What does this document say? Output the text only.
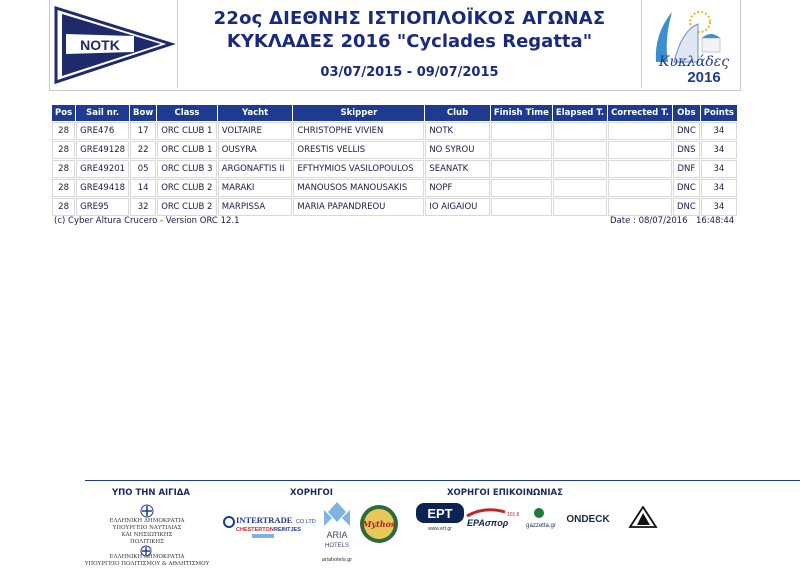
NOTK
22ος ΔΙΕΘΝΗΣ ΙΣΤΙΟΠΛΟΪΚΟΣ ΑΓΩΝΑΣ
ΚΥΚΛΑΔΕΣ 2016 "Cyclades Regatta"
03/07/2015 - 09/07/2015
Κυκλάδες
2016
Pos	Sail nr.	Bow	Class	Yacht	Skipper	Club	Finish Time	Elapsed T.	Corrected T.	Obs	Points
28	GRE476	17	ORC CLUB 1	VOLTAIRE	CHRISTOPHE VIVIEN	NOTK				DNC	34
28	GRE49128	22	ORC CLUB 1	OUSYRA	ORESTIS VELLIS	NO SYROU				DNS	34
28	GRE49201	05	ORC CLUB 3	ARGONAFTIS II	EFTHYMIOS VASILOPOULOS	SEANATK				DNF	34
28	GRE49418	14	ORC CLUB 2	MARAKI	MANOUSOS MANOUSAKIS	NOPF				DNC	34
28	GRE95	32	ORC CLUB 2	MARPISSA	MARIA PAPANDREOU	IO AIGAIOU				DNC	34
(c) Cyber Altura Crucero - Version ORC 12.1	Date : 08/07/2016 16:48:44
ΥΠΟ ΤΗΝ ΑΙΓΙΔΑ	ΧΟΡΗΓΟΙ	ΧΟΡΗΓΟΙ ΕΠΙΚΟΙΝΩΝΙΑΣ
ΕΛΛΗΝΙΚΗ ΔΗΜΟΚΡΑΤΙΑ ΥΠΟΥΡΓΕΙΟ ΝΑΥΤΙΛΙΑΣ ΚΑΙ ΝΗΣΙΩΤΙΚΗΣ ΠΟΛΙΤΙΚΗΣ
ΕΛΛΗΝΙΚΗ ΔΗΜΟΚΡΑΤΙΑ
ΥΠΟΥΡΓΕΙΟ ΠΟΛΙΤΙΣΜΟΥ & ΑΘΛΗΤΙΣΜΟΥ
INTERTRADE CO LTD
CHESTERTON REINTJES	ARIA
HOTELS
ariahotels.gr
Mythos
ΕΡΤ
www.ert.gr
101.8
ΕΡΑσπορ	gazzetta.gr
ONDECK
